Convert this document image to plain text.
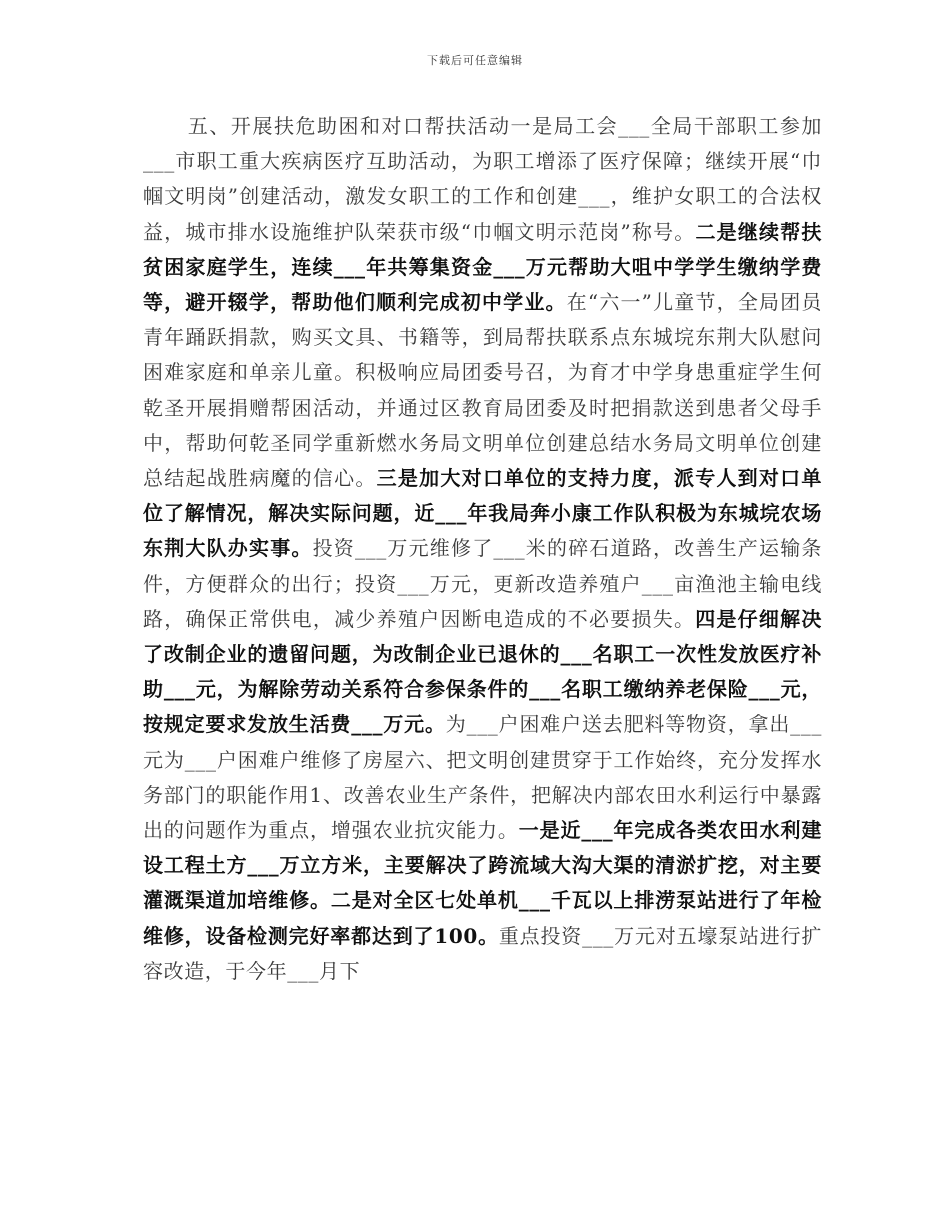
下载后可任意编辑

五、开展扶危助困和对口帮扶活动一是局工会___全局干部职工参加___市职工重大疾病医疗互助活动，为职工增添了医疗保障；继续开展“巾帼文明岗”创建活动，激发女职工的工作和创建___，维护女职工的合法权益，城市排水设施维护队荣获市级“巾帼文明示范岗”称号。二是继续帮扶贫困家庭学生，连续___年共筹集资金___万元帮助大咀中学学生缴纳学费等，避开辍学，帮助他们顺利完成初中学业。在“六一”儿童节，全局团员青年踊跃捐款，购买文具、书籍等，到局帮扶联系点东城垸东荆大队慰问困难家庭和单亲儿童。积极响应局团委号召，为育才中学身患重症学生何乾圣开展捐赠帮困活动，并通过区教育局团委及时把捐款送到患者父母手中，帮助何乾圣同学重新燃水务局文明单位创建总结水务局文明单位创建总结起战胜病魔的信心。三是加大对口单位的支持力度，派专人到对口单位了解情况，解决实际问题，近___年我局奔小康工作队积极为东城垸农场东荆大队办实事。投资___万元维修了___米的碎石道路，改善生产运输条件，方便群众的出行；投资___万元，更新改造养殖户___亩渔池主输电线路，确保正常供电，减少养殖户因断电造成的不必要损失。四是仔细解决了改制企业的遗留问题，为改制企业已退休的___名职工一次性发放医疗补助___元，为解除劳动关系符合参保条件的___名职工缴纳养老保险___元，按规定要求发放生活费___万元。为___户困难户送去肥料等物资，拿出___元为___户困难户维修了房屋六、把文明创建贯穿于工作始终，充分发挥水务部门的职能作用1、改善农业生产条件，把解决内部农田水利运行中暴露出的问题作为重点，增强农业抗灾能力。一是近___年完成各类农田水利建设工程土方___万立方米，主要解决了跨流域大沟大渠的清淤扩挖，对主要灌溉渠道加培维修。二是对全区七处单机___千瓦以上排涝泵站进行了年检维修，设备检测完好率都达到了100。重点投资___万元对五壕泵站进行扩容改造，于今年___月下
